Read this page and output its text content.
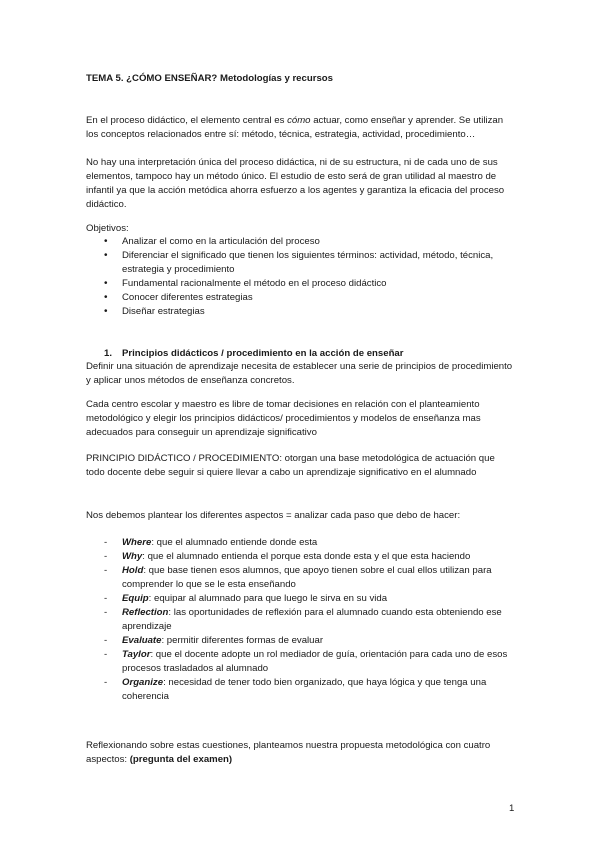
TEMA 5. ¿CÓMO ENSEÑAR? Metodologías y recursos

En el proceso didáctico, el elemento central es cómo actuar, como enseñar y aprender. Se utilizan los conceptos relacionados entre sí: método, técnica, estrategia, actividad, procedimiento…

No hay una interpretación única del proceso didáctica, ni de su estructura, ni de cada uno de sus elementos, tampoco hay un método único. El estudio de esto será de gran utilidad al maestro de infantil ya que la acción metódica ahorra esfuerzo a los agentes y garantiza la eficacia del proceso didáctico.

Objetivos:

• Analizar el como en la articulación del proceso

• Diferenciar el significado que tienen los siguientes términos: actividad, método, técnica, estrategia y procedimiento

• Fundamental racionalmente el método en el proceso didáctico

• Conocer diferentes estrategias

• Diseñar estrategias

1. Principios didácticos / procedimiento en la acción de enseñar

Definir una situación de aprendizaje necesita de establecer una serie de principios de procedimiento y aplicar unos métodos de enseñanza concretos.

Cada centro escolar y maestro es libre de tomar decisiones en relación con el planteamiento metodológico y elegir los principios didácticos/ procedimientos y modelos de enseñanza mas adecuados para conseguir un aprendizaje significativo

PRINCIPIO DIDÁCTICO / PROCEDIMIENTO: otorgan una base metodológica de actuación que todo docente debe seguir si quiere llevar a cabo un aprendizaje significativo en el alumnado

Nos debemos plantear los diferentes aspectos = analizar cada paso que debo de hacer:

- Where: que el alumnado entiende donde esta

- Why: que el alumnado entienda el porque esta donde esta y el que esta haciendo

- Hold: que base tienen esos alumnos, que apoyo tienen sobre el cual ellos utilizan para comprender lo que se le esta enseñando

- Equip: equipar al alumnado para que luego le sirva en su vida

- Reflection: las oportunidades de reflexión para el alumnado cuando esta obteniendo ese aprendizaje

- Evaluate: permitir diferentes formas de evaluar

- Taylor: que el docente adopte un rol mediador de guía, orientación para cada uno de esos procesos trasladados al alumnado

- Organize: necesidad de tener todo bien organizado, que haya lógica y que tenga una coherencia

Reflexionando sobre estas cuestiones, planteamos nuestra propuesta metodológica con cuatro aspectos: (pregunta del examen)

1
